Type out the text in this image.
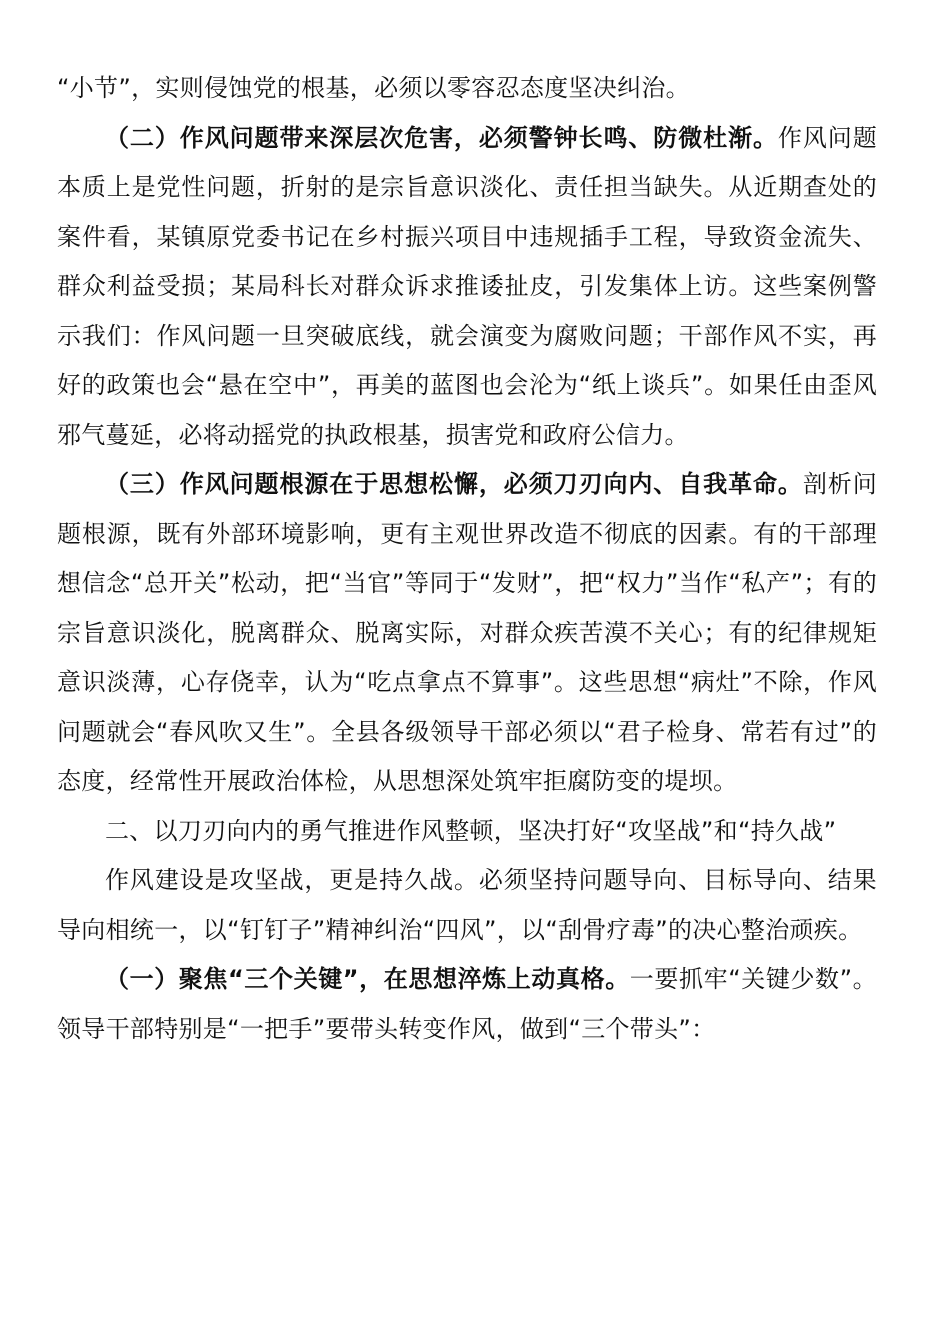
“小节”，实则侵蚀党的根基，必须以零容忍态度坚决纠治。

（二）作风问题带来深层次危害，必须警钟长鸣、防微杜渐。作风问题本质上是党性问题，折射的是宗旨意识淡化、责任担当缺失。从近期查处的案件看，某镇原党委书记在乡村振兴项目中违规插手工程，导致资金流失、群众利益受损；某局科长对群众诉求推诿扯皮，引发集体上访。这些案例警示我们：作风问题一旦突破底线，就会演变为腐败问题；干部作风不实，再好的政策也会“悬在空中”，再美的蓝图也会沦为“纸上谈兵”。如果任由歪风邪气蔓延，必将动摇党的执政根基，损害党和政府公信力。

（三）作风问题根源在于思想松懈，必须刀刃向内、自我革命。剖析问题根源，既有外部环境影响，更有主观世界改造不彻底的因素。有的干部理想信念“总开关”松动，把“当官”等同于“发财”，把“权力”当作“私产”；有的宗旨意识淡化，脱离群众、脱离实际，对群众疾苦漠不关心；有的纪律规矩意识淡薄，心存侥幸，认为“吃点拿点不算事”。这些思想“病灶”不除，作风问题就会“春风吹又生”。全县各级领导干部必须以“君子检身、常若有过”的态度，经常性开展政治体检，从思想深处筑牢拒腐防变的堤坝。

二、以刀刃向内的勇气推进作风整顿，坚决打好“攻坚战”和“持久战”

作风建设是攻坚战，更是持久战。必须坚持问题导向、目标导向、结果导向相统一，以“钉钉子”精神纠治“四风”，以“刮骨疗毒”的决心整治顽疾。

（一）聚焦“三个关键”，在思想淬炼上动真格。一要抓牢“关键少数”。领导干部特别是“一把手”要带头转变作风，做到“三个带头”：
